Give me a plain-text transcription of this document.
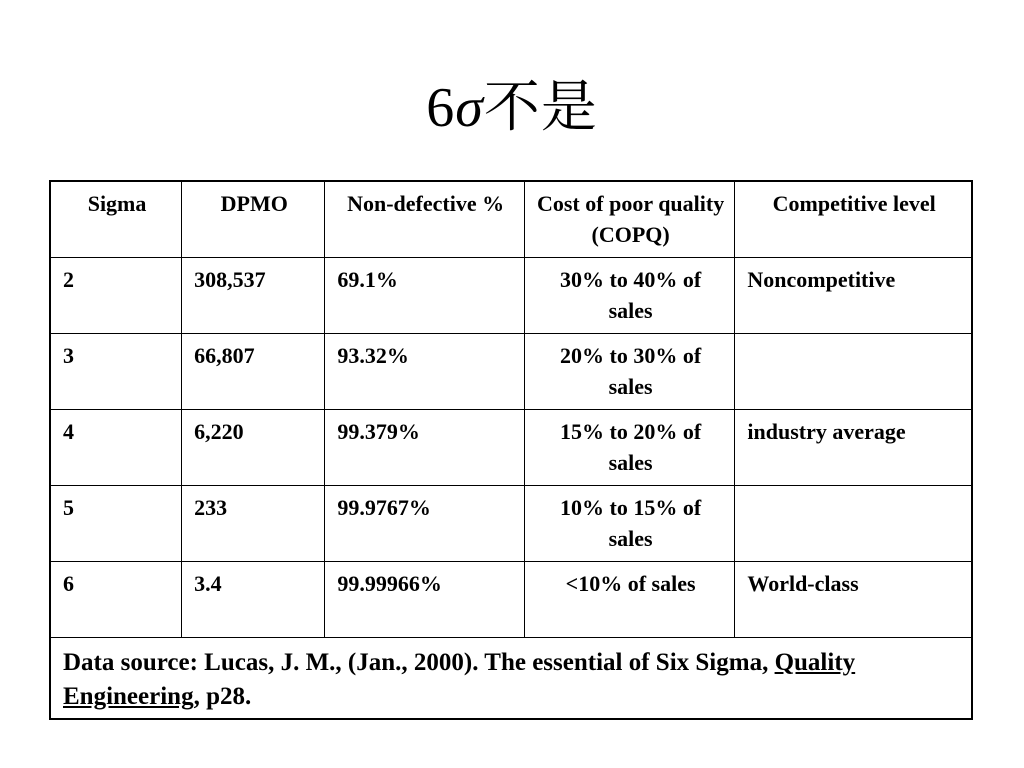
6σ不是
Sigma	DPMO	Non-defective %	Cost of poor quality (COPQ)	Competitive level
2	308,537	69.1%	30% to 40% of sales	Noncompetitive
3	66,807	93.32%	20% to 30% of sales	
4	6,220	99.379%	15% to 20% of sales	industry average
5	233	99.9767%	10% to 15% of sales	
6	3.4	99.99966%	<10% of sales	World-class
Data source: Lucas, J. M., (Jan., 2000). The essential of Six Sigma, Quality Engineering, p28.				
